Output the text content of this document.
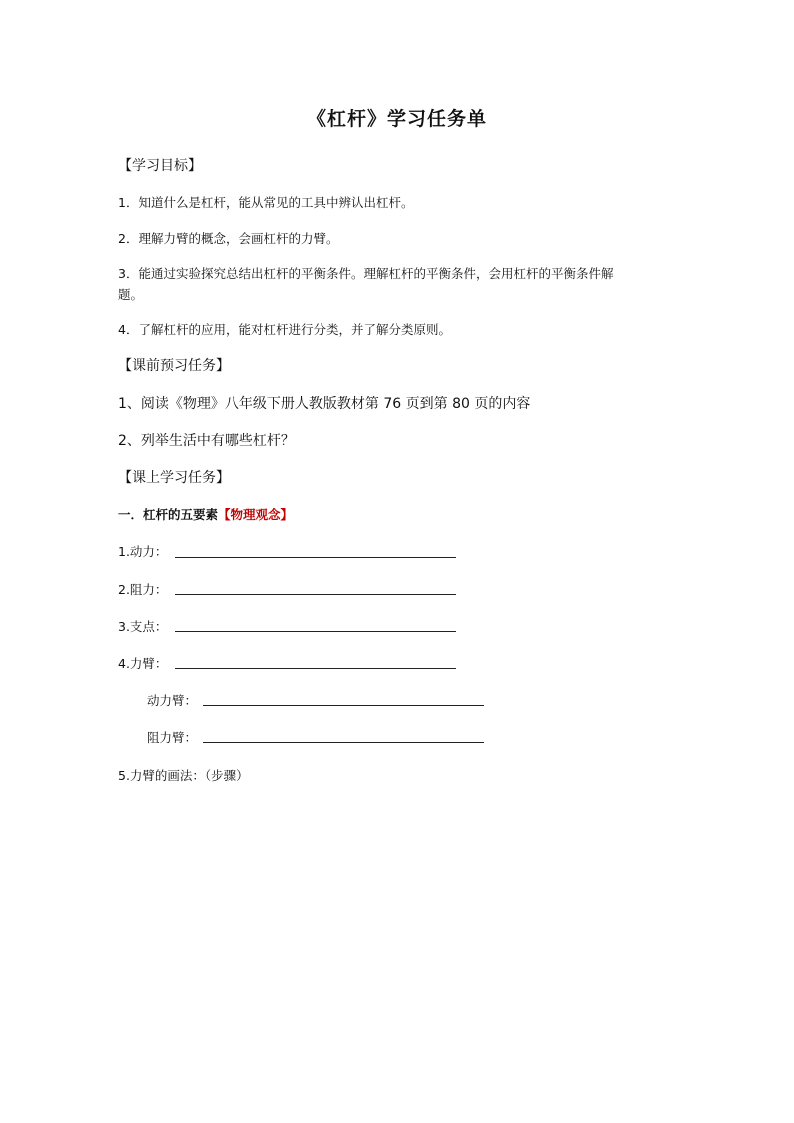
《杠杆》学习任务单
【学习目标】
1．知道什么是杠杆，能从常见的工具中辨认出杠杆。
2．理解力臂的概念，会画杠杆的力臂。
3．能通过实验探究总结出杠杆的平衡条件。理解杠杆的平衡条件，会用杠杆的平衡条件解
题。
4．了解杠杆的应用，能对杠杆进行分类，并了解分类原则。
【课前预习任务】
1、阅读《物理》八年级下册人教版教材第 76 页到第 80 页的内容
2、列举生活中有哪些杠杆？
【课上学习任务】
一．杠杆的五要素【物理观念】
1.动力：
2.阻力：
3.支点：
4.力臂：
动力臂：
阻力臂：
5.力臂的画法：（步骤）
